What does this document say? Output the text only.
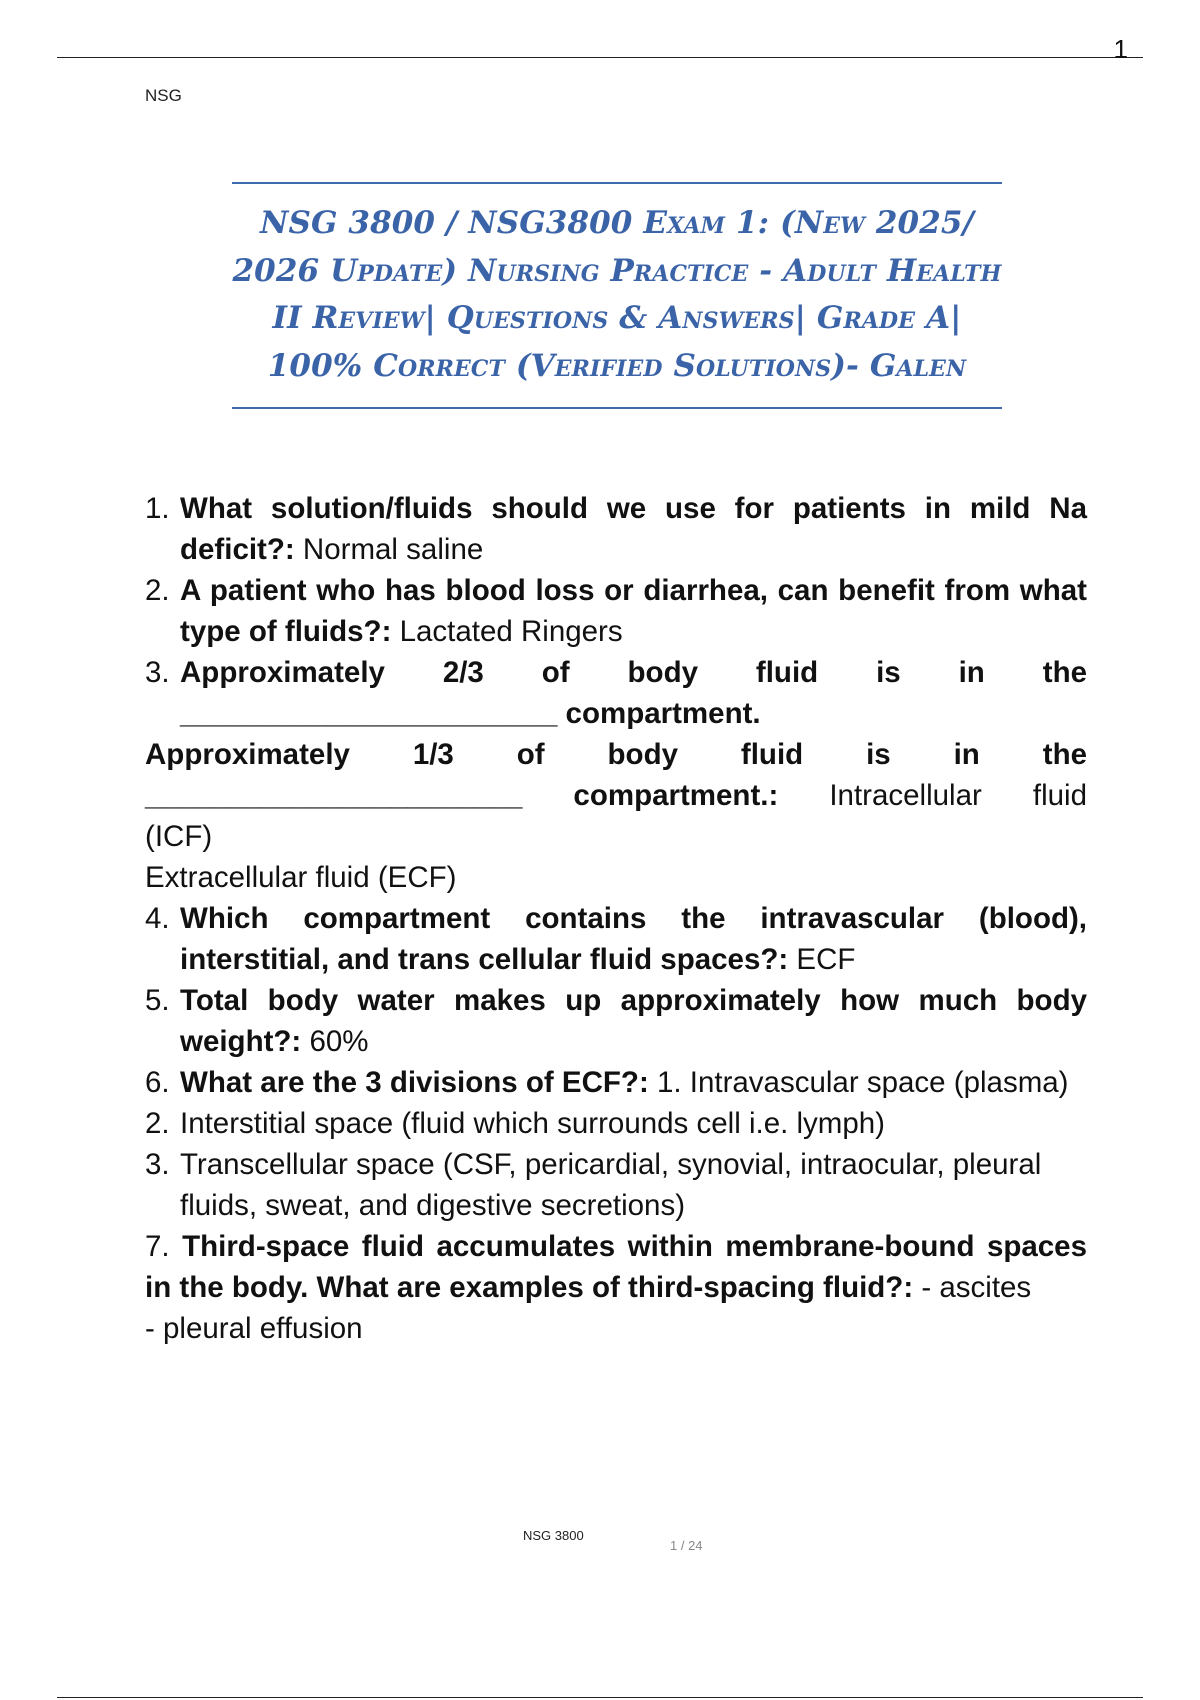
1
NSG
NSG 3800 / NSG3800 Exam 1: (New 2025/
2026 Update) Nursing Practice - Adult Health
II Review| Questions & Answers| Grade A|
100% Correct (Verified Solutions)- Galen
1. What solution/fluids should we use for patients in mild Na deficit?: Normal saline
2. A patient who has blood loss or diarrhea, can benefit from what type of fluids?: Lactated Ringers
3. Approximately 2/3 of body fluid is in the
_______________________ compartment.
Approximately 1/3 of body fluid is in the
_______________________ compartment.: Intracellular fluid
(ICF)
Extracellular fluid (ECF)
4. Which compartment contains the intravascular (blood), interstitial, and trans cellular fluid spaces?: ECF
5. Total body water makes up approximately how much body weight?: 60%
6. What are the 3 divisions of ECF?: 1. Intravascular space (plasma)
2. Interstitial space (fluid which surrounds cell i.e. lymph)
3. Transcellular space (CSF, pericardial, synovial, intraocular, pleural fluids, sweat, and digestive secretions)
7. Third-space fluid accumulates within membrane-bound spaces in the body. What are examples of third-spacing fluid?: - ascites
- pleural effusion
NSG 3800
1 / 24
